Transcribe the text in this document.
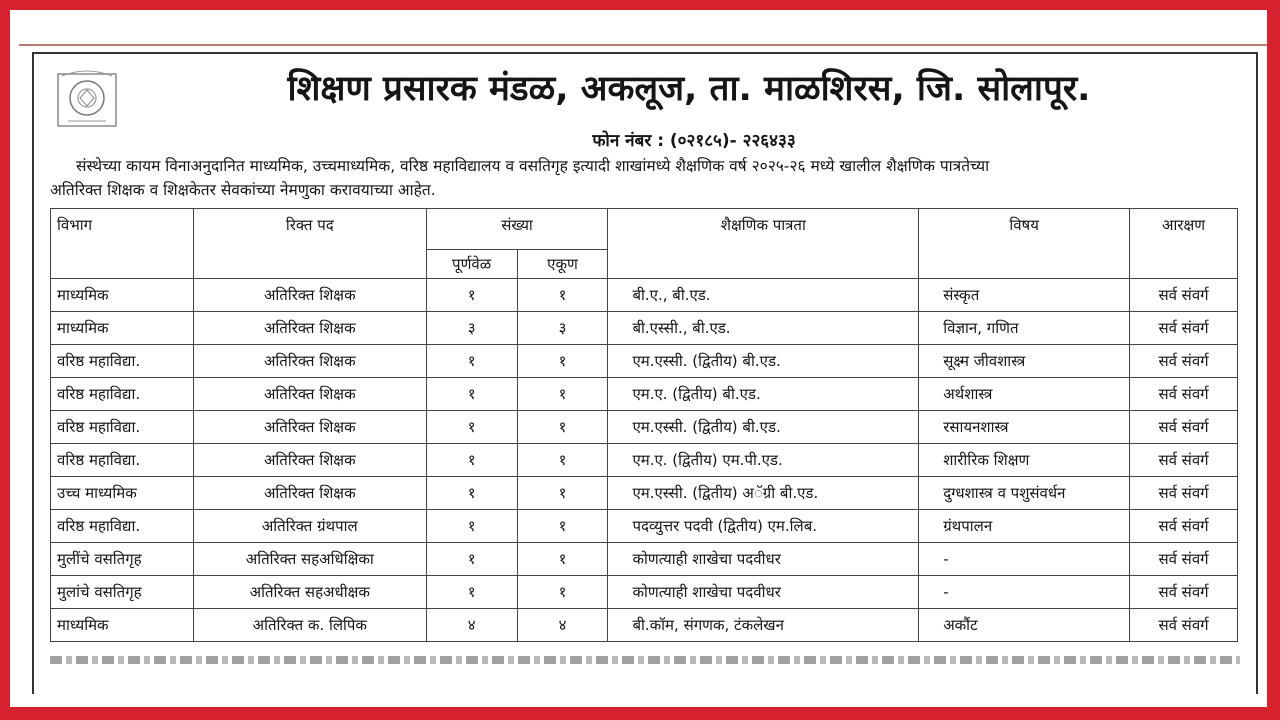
शिक्षण प्रसारक मंडळ, अकलूज, ता. माळशिरस, जि. सोलापूर.
फोन नंबर : (०२१८५)- २२६४३३
संस्थेच्या कायम विनाअनुदानित माध्यमिक, उच्चमाध्यमिक, वरिष्ठ महाविद्यालय व वसतिगृह इत्यादी शाखांमध्ये शैक्षणिक वर्ष २०२५-२६ मध्ये खालील शैक्षणिक पात्रतेच्या
अतिरिक्त शिक्षक व शिक्षकेतर सेवकांच्या नेमणुका करावयाच्या आहेत.
विभाग	रिक्त पद	संख्या		शैक्षणिक पात्रता	विषय	आरक्षण
		पूर्णवेळ	एकूण			
माध्यमिक	अतिरिक्त शिक्षक	१	१	बी.ए., बी.एड.	संस्कृत	सर्व संवर्ग
माध्यमिक	अतिरिक्त शिक्षक	३	३	बी.एस्सी., बी.एड.	विज्ञान, गणित	सर्व संवर्ग
वरिष्ठ महाविद्या.	अतिरिक्त शिक्षक	१	१	एम.एस्सी. (द्वितीय) बी.एड.	सूक्ष्म जीवशास्त्र	सर्व संवर्ग
वरिष्ठ महाविद्या.	अतिरिक्त शिक्षक	१	१	एम.ए. (द्वितीय) बी.एड.	अर्थशास्त्र	सर्व संवर्ग
वरिष्ठ महाविद्या.	अतिरिक्त शिक्षक	१	१	एम.एस्सी. (द्वितीय) बी.एड.	रसायनशास्त्र	सर्व संवर्ग
वरिष्ठ महाविद्या.	अतिरिक्त शिक्षक	१	१	एम.ए. (द्वितीय) एम.पी.एड.	शारीरिक शिक्षण	सर्व संवर्ग
उच्च माध्यमिक	अतिरिक्त शिक्षक	१	१	एम.एस्सी. (द्वितीय) अॅग्री बी.एड.	दुग्धशास्त्र व पशुसंवर्धन	सर्व संवर्ग
वरिष्ठ महाविद्या.	अतिरिक्त ग्रंथपाल	१	१	पदव्युत्तर पदवी (द्वितीय) एम.लिब.	ग्रंथपालन	सर्व संवर्ग
मुलींचे वसतिगृह	अतिरिक्त सहअधिक्षिका	१	१	कोणत्याही शाखेचा पदवीधर	-	सर्व संवर्ग
मुलांचे वसतिगृह	अतिरिक्त सहअधीक्षक	१	१	कोणत्याही शाखेचा पदवीधर	-	सर्व संवर्ग
माध्यमिक	अतिरिक्त क. लिपिक	४	४	बी.कॉम, संगणक, टंकलेखन	अकौंट	सर्व संवर्ग
